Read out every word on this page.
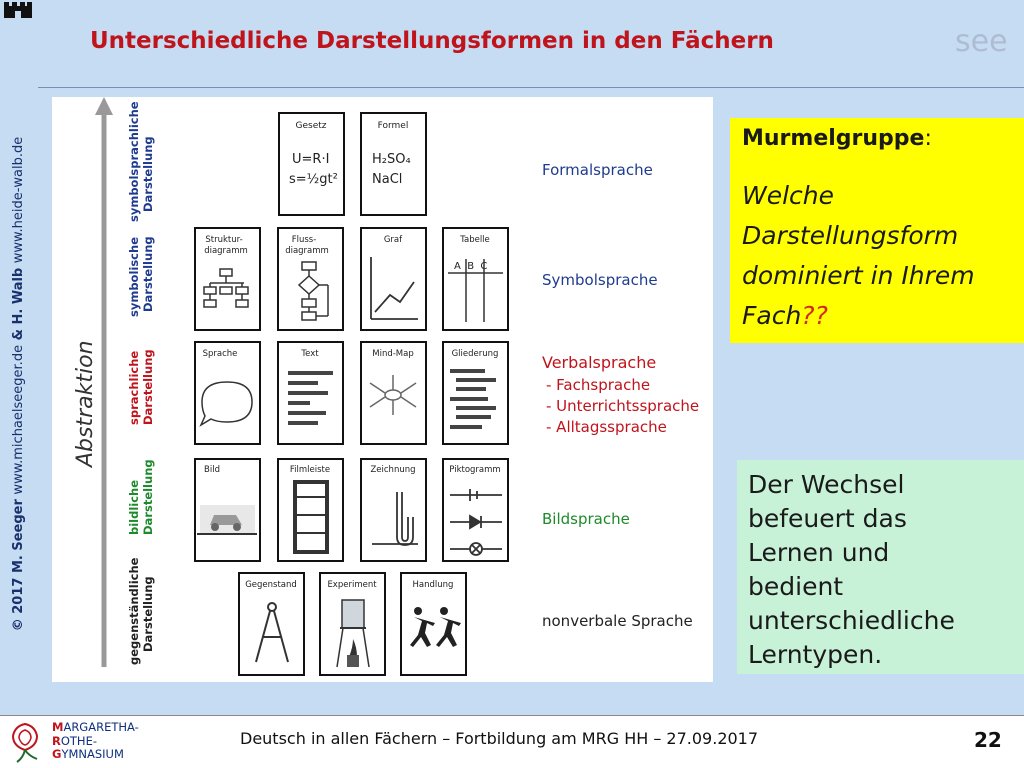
© 2017 M. Seeger www.michaelseeger.de & H. Walb www.heide-walb.de
Unterschiedliche Darstellungsformen in den Fächern	see
Abstraktion
symbolsprachliche Darstellung
symbolische Darstellung
sprachliche Darstellung
bildliche Darstellung
gegenständliche Darstellung
Gesetz	Formel
U=R·I
s=½gt²
H₂SO₄
NaCl
Struktur-
diagramm
Fluss-
diagramm
Graf	Tabelle
A  B  C
Sprache	Text	Mind-Map	Gliederung
Bild	Filmleiste	Zeichnung	Piktogramm
Gegenstand	Experiment	Handlung
Formalsprache
Symbolsprache
Verbalsprache
- Fachsprache
- Unterrichtssprache
- Alltagssprache
Bildsprache
nonverbale Sprache
Murmelgruppe:
Welche
Darstellungsform
dominiert in Ihrem
Fach??
Der Wechsel
befeuert das
Lernen und
bedient
unterschiedliche
Lerntypen.
MARGARETHA-
ROTHE-
GYMNASIUM
Deutsch in allen Fächern – Fortbildung am MRG HH – 27.09.2017	22
